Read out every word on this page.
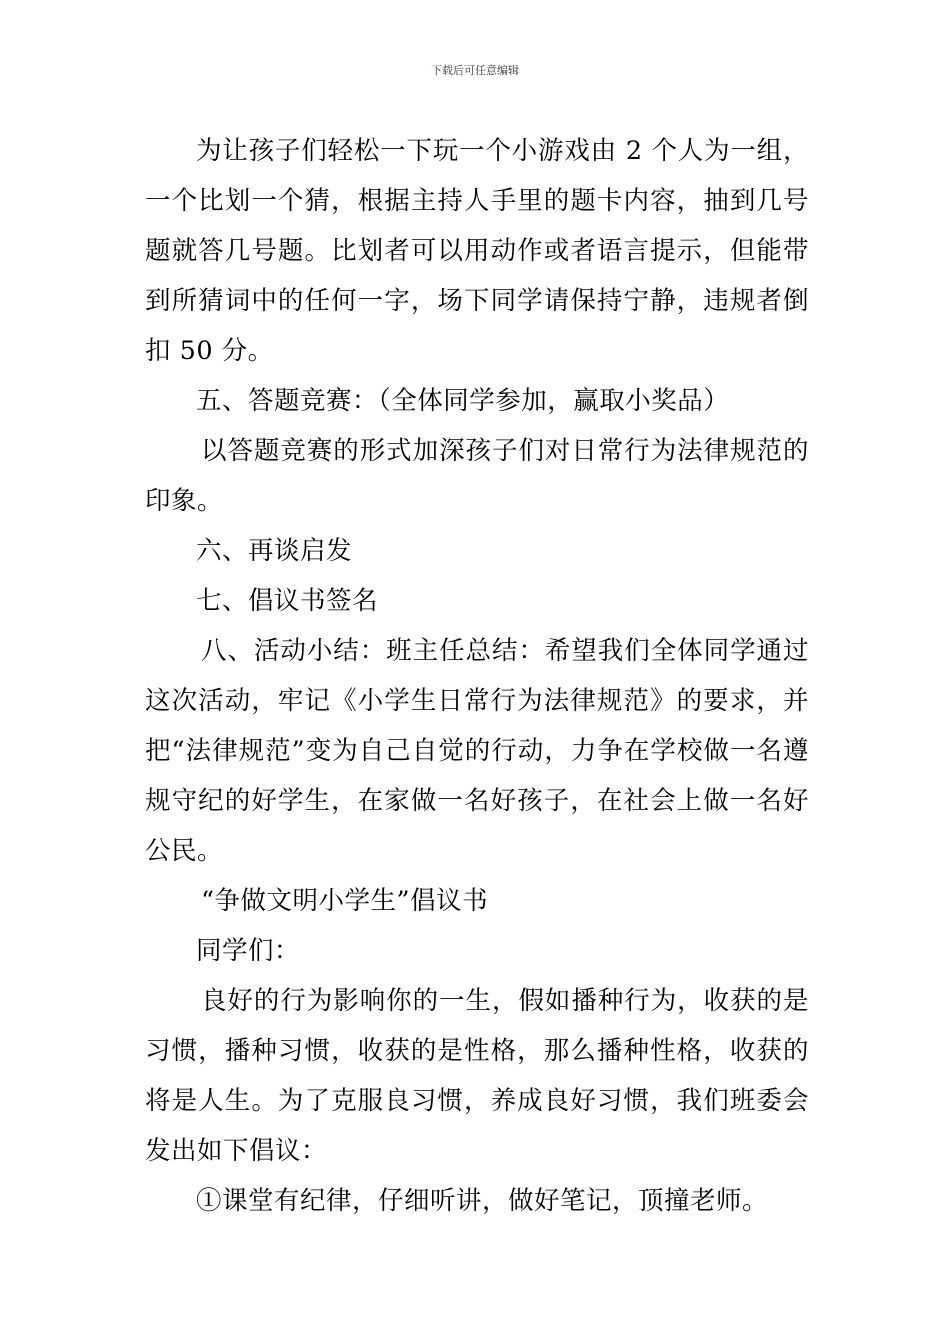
下载后可任意编辑

为让孩子们轻松一下玩一个小游戏由 2 个人为一组，一个比划一个猜，根据主持人手里的题卡内容，抽到几号题就答几号题。比划者可以用动作或者语言提示，但能带到所猜词中的任何一字，场下同学请保持宁静，违规者倒扣 50 分。

五、答题竞赛：（全体同学参加，赢取小奖品）

以答题竞赛的形式加深孩子们对日常行为法律规范的印象。

六、再谈启发

七、倡议书签名

八、活动小结：班主任总结：希望我们全体同学通过这次活动，牢记《小学生日常行为法律规范》的要求，并把“法律规范”变为自己自觉的行动，力争在学校做一名遵规守纪的好学生，在家做一名好孩子，在社会上做一名好公民。

“争做文明小学生”倡议书

同学们：

良好的行为影响你的一生，假如播种行为，收获的是习惯，播种习惯，收获的是性格，那么播种性格，收获的将是人生。为了克服良习惯，养成良好习惯，我们班委会发出如下倡议：

①课堂有纪律，仔细听讲，做好笔记，顶撞老师。
